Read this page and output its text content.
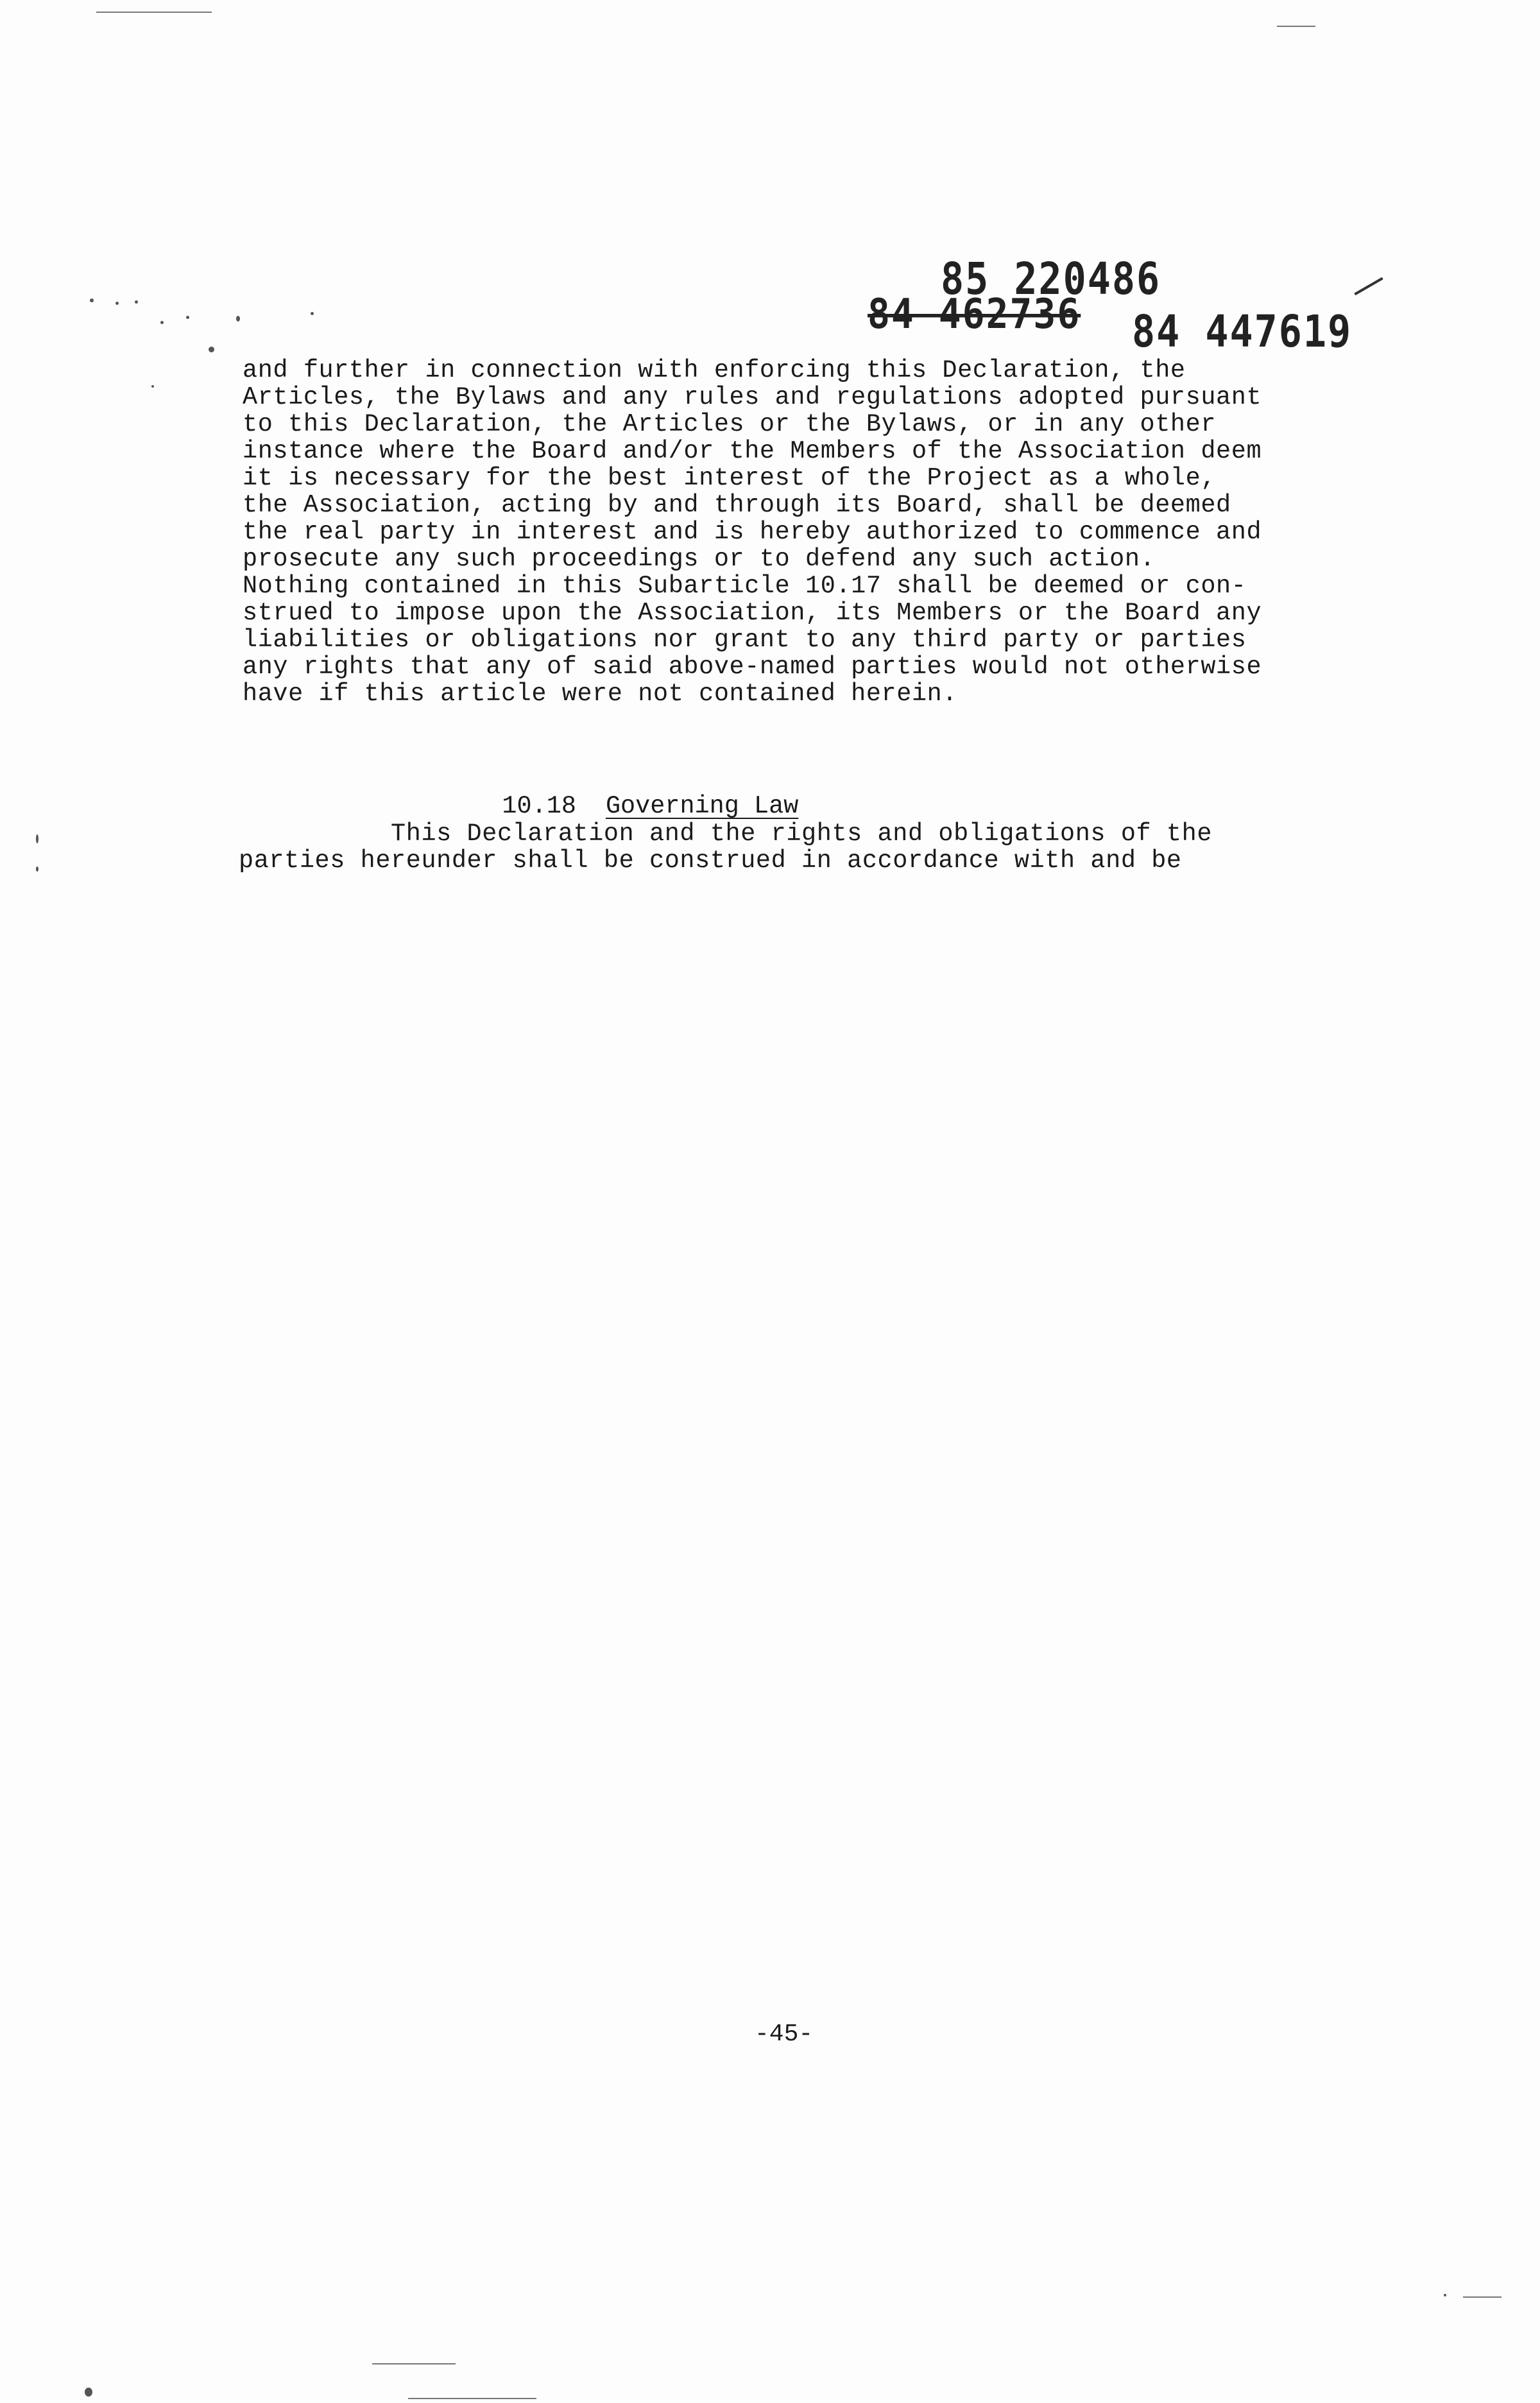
85 220486
84 462736 84 447619
and further in connection with enforcing this Declaration, the
Articles, the Bylaws and any rules and regulations adopted pursuant
to this Declaration, the Articles or the Bylaws, or in any other
instance where the Board and/or the Members of the Association deem
it is necessary for the best interest of the Project as a whole,
the Association, acting by and through its Board, shall be deemed
the real party in interest and is hereby authorized to commence and
prosecute any such proceedings or to defend any such action.
Nothing contained in this Subarticle 10.17 shall be deemed or con-
strued to impose upon the Association, its Members or the Board any
liabilities or obligations nor grant to any third party or parties
any rights that any of said above-named parties would not otherwise
have if this article were not contained herein.

10.18 Governing Law

This Declaration and the rights and obligations of the
parties hereunder shall be construed in accordance with and be
-45-
